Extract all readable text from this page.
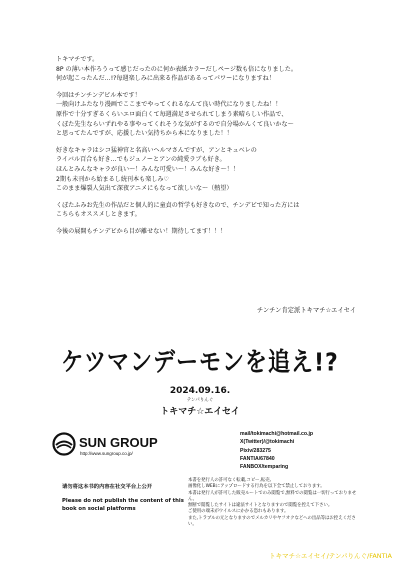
トキマチです。
8P の薄い本作ろうって感じだったのに何か表紙カラーだしページ数も倍になりました。
何が起こったんだ…!?毎週楽しみに出来る作品があるってパワーになりますね！

今回はチンチンデビル本です！
一般向けふたなり漫画でここまでやってくれるなんて良い時代になりましたね！！
原作で十分すぎるくらいエロ面白くて毎週満足させられてしまう素晴らしい作品で、
くぼた先生ならいずれやる事やってくれそうな気がするので自分場かんくて良いかな～
と思ってたんですが、応援したい気持ちから本になりました！！

好きなキャラはシコ猛神官と名高いヘルマさんですが、アンとキュベレの
ライバル百合も好き…でもジュノーとアンの純愛ラブも好き。
ほんとみんなキャラが良い～！みんな可愛い～！みんな好き～！！
2期も未刊から始まるし続刊本も楽しみ♡
このまま爆裂人気出て深夜アニメにもなって欲しいな～（熱望）

くぼたふみお先生の作品だと個人的に童貞の哲学も好きなので、チンデビで知った方には
こちらもオススメしときます。

今後の展開もチンデビから目が離せない！期待してます！！！

チンチン肯定派トキマチ☆エイセイ
ケツマンデーモンを追え!?
2024.09.16.
テンパりんぐ
トキマチ☆エイセイ
SUN GROUP
http://www.sungroup.co.jp/
mail/tokimachi@hotmail.co.jp
X(Twitter)/@tokimachi
Pixiv/283275
FANTIA/67840
FANBOX/temparing
请勿将这本书的内容在社交平台上公开
Please do not publish the content of this book on social platforms
本書を発行人の許可なく転載,コピー,転売,
画像化しWEBにアップロードする行為を以下全て禁止しております。
本書は発行人が許可した販売ルートでのみ閲覧で,無料での閲覧は一切行っておりません。
無断で閲覧したサイトは違法サイトとなりますので閲覧を控えて下さい。
ご使用の端末がウイルスにかかる恐れもあります。
また,トラブルの元となりますのでメルカリやヤフオクなどへの出品等はお控えください。
トキマチ☆エイセイ/テンパりんぐ/FANTIA
